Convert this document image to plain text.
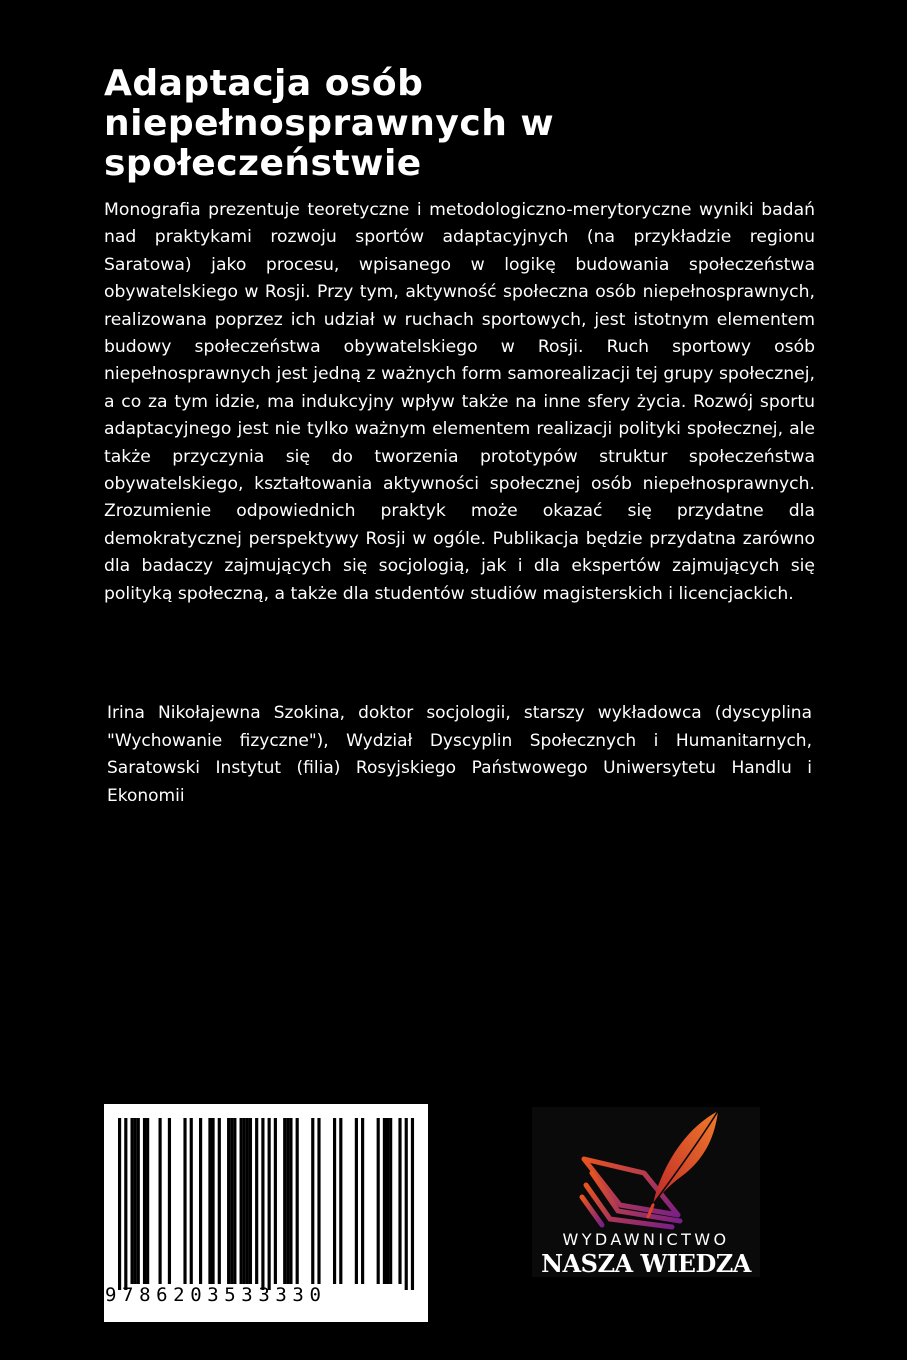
Adaptacja osób
niepełnosprawnych w
społeczeństwie

Monografia prezentuje teoretyczne i metodologiczno-merytoryczne wyniki badań nad praktykami rozwoju sportów adaptacyjnych (na przykładzie regionu Saratowa) jako procesu, wpisanego w logikę budowania społeczeństwa obywatelskiego w Rosji. Przy tym, aktywność społeczna osób niepełnosprawnych, realizowana poprzez ich udział w ruchach sportowych, jest istotnym elementem budowy społeczeństwa obywatelskiego w Rosji. Ruch sportowy osób niepełnosprawnych jest jedną z ważnych form samorealizacji tej grupy społecznej, a co za tym idzie, ma indukcyjny wpływ także na inne sfery życia. Rozwój sportu adaptacyjnego jest nie tylko ważnym elementem realizacji polityki społecznej, ale także przyczynia się do tworzenia prototypów struktur społeczeństwa obywatelskiego, kształtowania aktywności społecznej osób niepełnosprawnych. Zrozumienie odpowiednich praktyk może okazać się przydatne dla demokratycznej perspektywy Rosji w ogóle. Publikacja będzie przydatna zarówno dla badaczy zajmujących się socjologią, jak i dla ekspertów zajmujących się polityką społeczną, a także dla studentów studiów magisterskich i licencjackich.

Irina Nikołajewna Szokina, doktor socjologii, starszy wykładowca (dyscyplina "Wychowanie fizyczne"), Wydział Dyscyplin Społecznych i Humanitarnych, Saratowski Instytut (filia) Rosyjskiego Państwowego Uniwersytetu Handlu i Ekonomii

9786203533330
WYDAWNICTWO
NASZA WIEDZA
